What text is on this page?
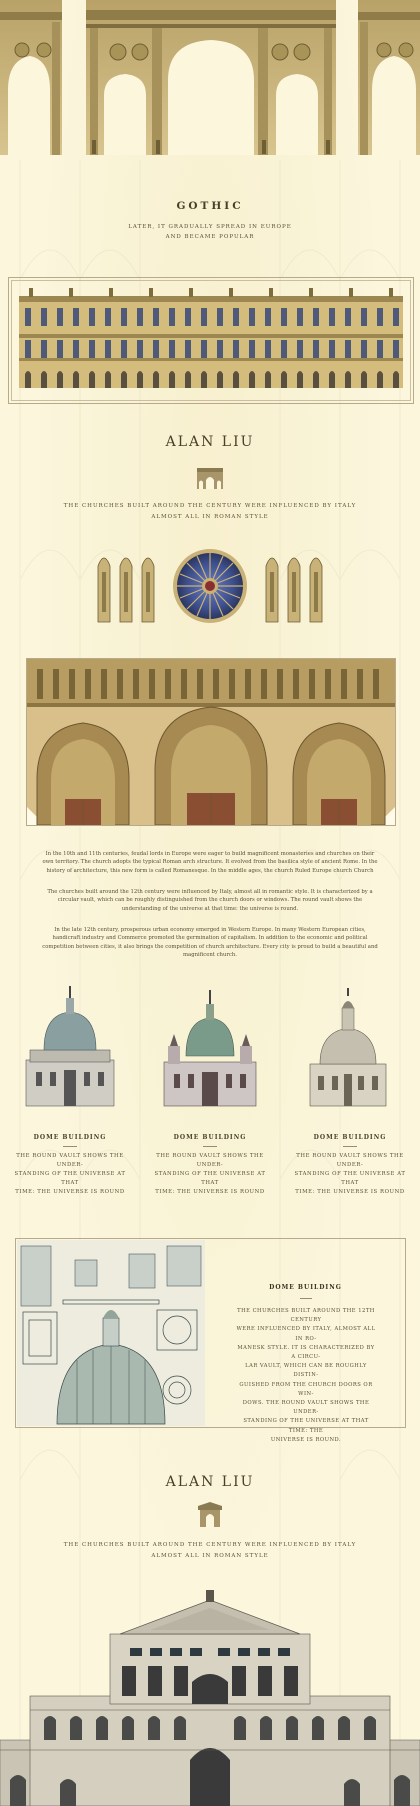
GOTHIC
LATER, IT GRADUALLY SPREAD IN EUROPE
AND BECAME POPULAR
ALAN LIU
THE CHURCHES BUILT AROUND THE CENTURY WERE INFLUENCED BY ITALY
ALMOST ALL IN ROMAN STYLE
In the 10th and 11th centuries, feudal lords in Europe were eager to build magnificent monasteries and churches on their own territory. The church adopts the typical Roman arch structure. It evolved from the basilica style of ancient Rome. In the history of architecture, this new form is called Romanesque. In the middle ages, the church Ruled Europe church Church
The churches built around the 12th century were influenced by Italy, almost all in romantic style. It is characterized by a circular vault, which can be roughly distinguished from the church doors or windows. The round vault shows the understanding of the universe at that time: the universe is round.
In the late 12th century, prosperous urban economy emerged in Western Europe. In many Western European cities, handicraft industry and Commerce promoted the germination of capitalism. In addition to the economic and political competition between cities, it also brings the competition of church architecture. Every city is proud to build a beautiful and magnificent church.
DOME BUILDING
THE ROUND VAULT SHOWS THE UNDER-
STANDING OF THE UNIVERSE AT THAT
TIME: THE UNIVERSE IS ROUND
DOME BUILDING
THE ROUND VAULT SHOWS THE UNDER-
STANDING OF THE UNIVERSE AT THAT
TIME: THE UNIVERSE IS ROUND
DOME BUILDING
THE ROUND VAULT SHOWS THE UNDER-
STANDING OF THE UNIVERSE AT THAT
TIME: THE UNIVERSE IS ROUND
DOME BUILDING
THE CHURCHES BUILT AROUND THE 12TH CENTURY
WERE INFLUENCED BY ITALY, ALMOST ALL IN RO-
MANESK STYLE. IT IS CHARACTERIZED BY A CIRCU-
LAR VAULT, WHICH CAN BE ROUGHLY DISTIN-
GUISHED FROM THE CHURCH DOORS OR WIN-
DOWS. THE ROUND VAULT SHOWS THE UNDER-
STANDING OF THE UNIVERSE AT THAT TIME: THE
UNIVERSE IS ROUND.
ALAN LIU
THE CHURCHES BUILT AROUND THE CENTURY WERE INFLUENCED BY ITALY
ALMOST ALL IN ROMAN STYLE
